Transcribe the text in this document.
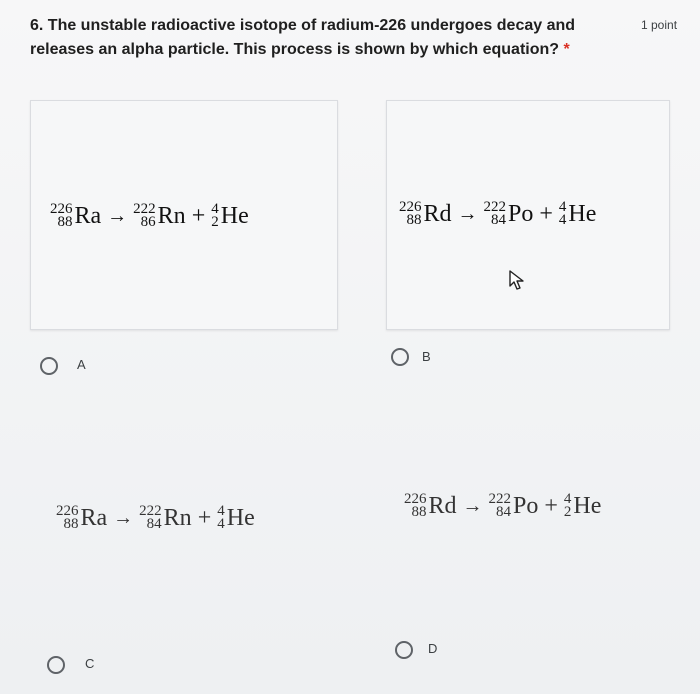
6. The unstable radioactive isotope of radium-226 undergoes decay and releases an alpha particle. This process is shown by which equation? *
1 point
226
88 Ra → 222
86 Rn + 4
2 He
A
226
88 Rd → 222
84 Po + 4
4 He
B
226
88 Ra → 222
84 Rn + 4
4 He
C
226
88 Rd → 222
84 Po + 4
2 He
D
